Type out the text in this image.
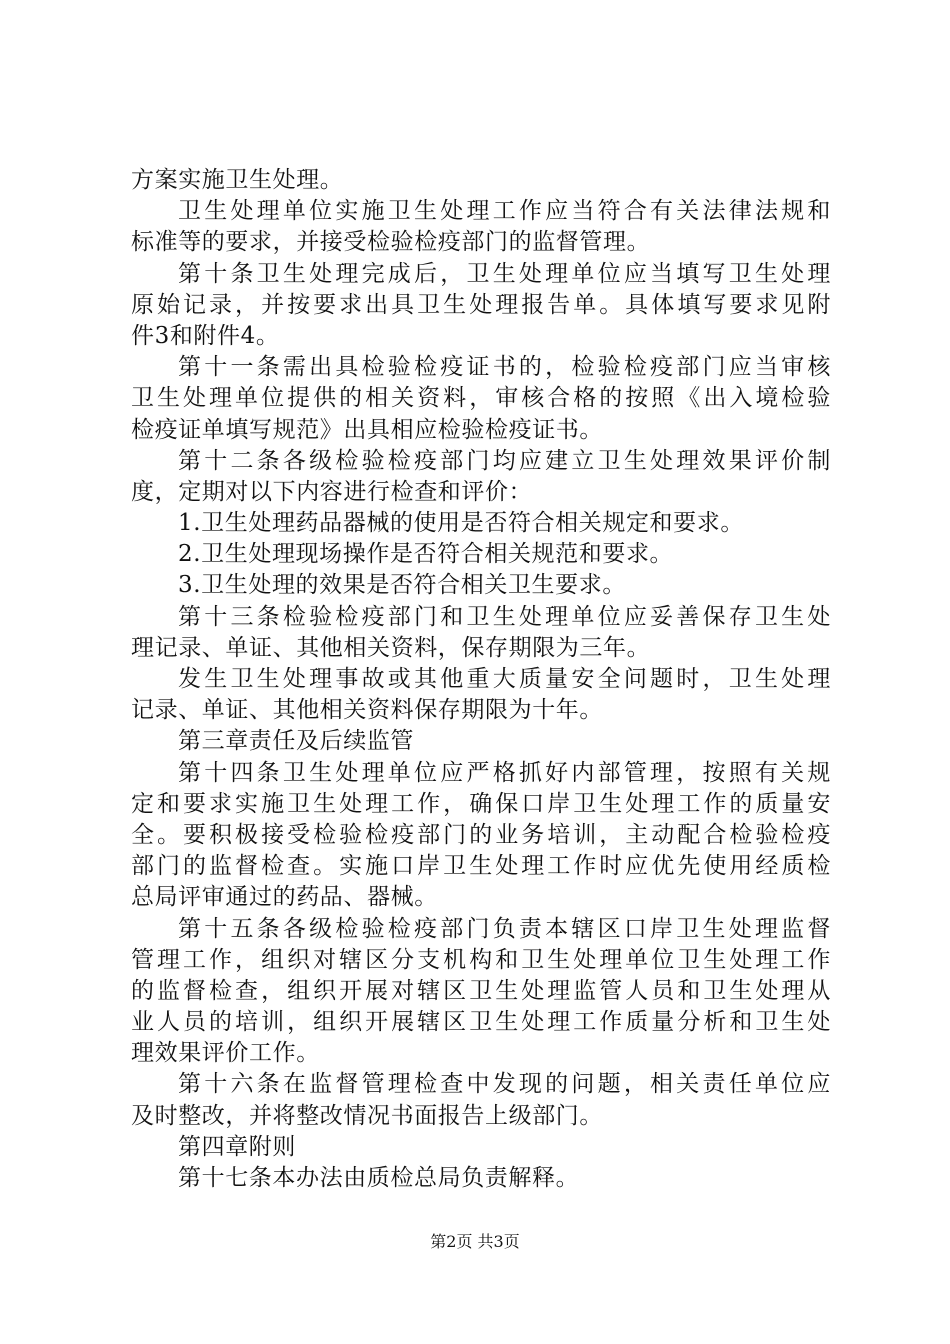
方案实施卫生处理。
卫生处理单位实施卫生处理工作应当符合有关法律法规和
标准等的要求，并接受检验检疫部门的监督管理。
第十条卫生处理完成后，卫生处理单位应当填写卫生处理
原始记录，并按要求出具卫生处理报告单。具体填写要求见附
件3和附件4。
第十一条需出具检验检疫证书的，检验检疫部门应当审核
卫生处理单位提供的相关资料，审核合格的按照《出入境检验
检疫证单填写规范》出具相应检验检疫证书。
第十二条各级检验检疫部门均应建立卫生处理效果评价制
度，定期对以下内容进行检查和评价：
1.卫生处理药品器械的使用是否符合相关规定和要求。
2.卫生处理现场操作是否符合相关规范和要求。
3.卫生处理的效果是否符合相关卫生要求。
第十三条检验检疫部门和卫生处理单位应妥善保存卫生处
理记录、单证、其他相关资料，保存期限为三年。
发生卫生处理事故或其他重大质量安全问题时，卫生处理
记录、单证、其他相关资料保存期限为十年。
第三章责任及后续监管
第十四条卫生处理单位应严格抓好内部管理，按照有关规
定和要求实施卫生处理工作，确保口岸卫生处理工作的质量安
全。要积极接受检验检疫部门的业务培训，主动配合检验检疫
部门的监督检查。实施口岸卫生处理工作时应优先使用经质检
总局评审通过的药品、器械。
第十五条各级检验检疫部门负责本辖区口岸卫生处理监督
管理工作，组织对辖区分支机构和卫生处理单位卫生处理工作
的监督检查，组织开展对辖区卫生处理监管人员和卫生处理从
业人员的培训，组织开展辖区卫生处理工作质量分析和卫生处
理效果评价工作。
第十六条在监督管理检查中发现的问题，相关责任单位应
及时整改，并将整改情况书面报告上级部门。
第四章附则
第十七条本办法由质检总局负责解释。
第2页 共3页
